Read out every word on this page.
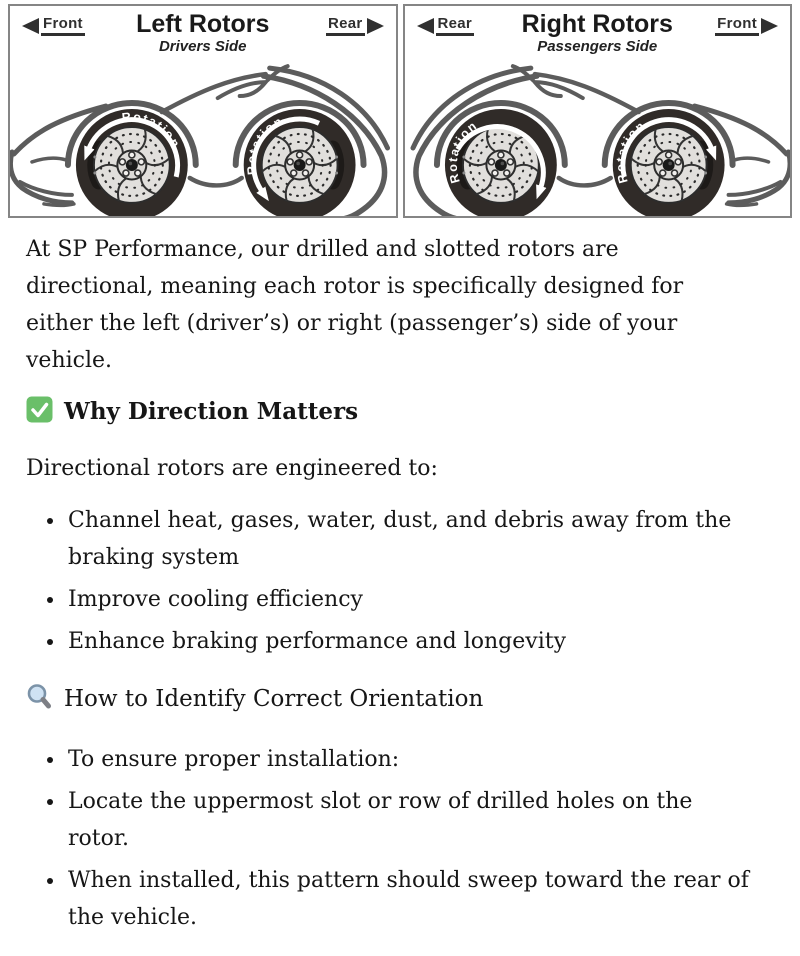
Front	Left Rotors
Drivers Side
Rear
Rotation
Rotation
Rear	Right Rotors
Passengers Side
Front
Rotation
Rotation

At SP Performance, our drilled and slotted rotors are directional, meaning each rotor is specifically designed for either the left (driver’s) or right (passenger’s) side of your vehicle.

Why Direction Matters

Directional rotors are engineered to:

• Channel heat, gases, water, dust, and debris away from the braking system
• Improve cooling efficiency
• Enhance braking performance and longevity
How to Identify Correct Orientation
• To ensure proper installation:
• Locate the uppermost slot or row of drilled holes on the rotor.
• When installed, this pattern should sweep toward the rear of the vehicle.
